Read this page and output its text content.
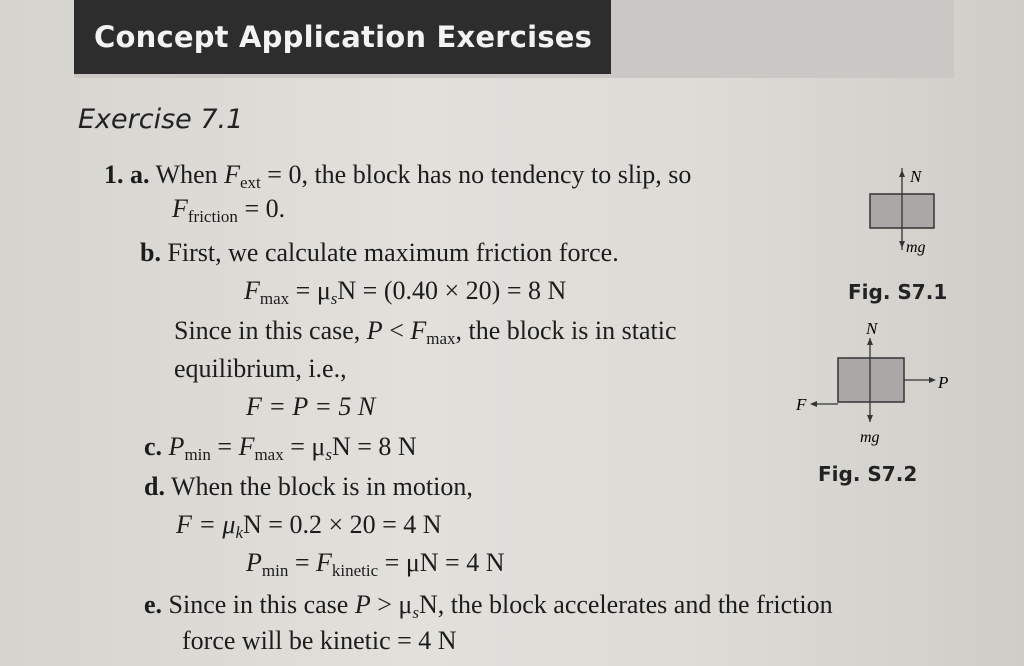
Concept Application Exercises
Exercise 7.1
1. a. When $F_{ext} = 0$, the block has no tendency to slip, so
$F_{friction} = 0$.
b. First, we calculate maximum friction force.
$F_{max} = \mu_sN = (0.40 \times 20) = 8$ N
Since in this case, $P < F_{max}$, the block is in static
equilibrium, i.e.,
F = P = 5 N
c. $P_{min} = F_{max} = \mu_sN = 8$ N
d. When the block is in motion,
$F = \mu_kN = 0.2 \times 20 = 4$ N
$P_{min} = F_{kinetic} = \mu N = 4$ N
e. Since in this case $P > \mu_sN$, the block accelerates and the friction
force will be kinetic = 4 N
N
mg
Fig. S7.1
N
mg
P
F
Fig. S7.2
